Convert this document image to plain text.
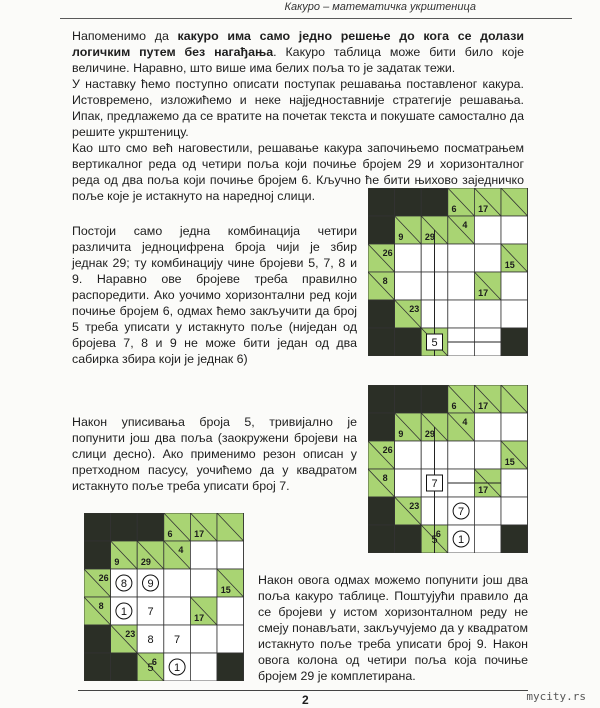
Какуро – математичка укрштеница

Напоменимо да какуро има само једно решење до кога се долази логичким путем без нагађања. Какуро таблица може бити било које величине. Наравно, што више има белих поља то је задатак тежи.

У наставку ћемо поступно описати поступак решавања поставленог какура. Истовремено, изложићемо и неке најједноставније стратегије решавања. Ипак, предлажемо да се вратите на почетак текста и покушате самостално да решите укрштеницу.

Као што смо већ наговестили, решавање какура започињемо посматрањем вертикалног реда од четири поља који почиње бројем 29 и хоризонталног реда од два поља који почиње бројем 6. Кључно ће бити њихово заједничко поље које је истакнуто на наредној слици.

Постоји само једна комбинација четири различита једноцифрена броја чији је збир једнак 29; ту комбинацију чине бројеви 5, 7, 8 и 9. Наравно ове бројеве треба правилно распоредити. Ако уочимо хоризонтални ред који почиње бројем 6, одмах ћемо закључити да број 5 треба уписати у истакнуто поље (ниједан од бројева 7, 8 и 9 не може бити један од два сабирка збира који је једнак 6)

Након уписивања броја 5, тривијално је попунити још два поља (заокружени бројеви на слици десно). Ако применимо резон описан у претходном пасусу, уочићемо да у квадратом истакнуто поље треба уписати број 7.

Након овога одмах можемо попунити још два поља какуро таблице. Поштујући правило да се бројеви у истом хоризонталном реду не смеју понављати, закључујемо да у квадратом истакнуто поље треба уписати број 9. Након овога колона од четири поља која почиње бројем 29 је комплетирана.

6 17
9 29
4
26
15
8
17
23
5
6 17
9 29
4
26
15
8
17
23
6
7
7
5 1
6 17
9 29
4
26
15
8
17
23
6
8 9
1 7
8 7
5 1
2	mycity.rs
